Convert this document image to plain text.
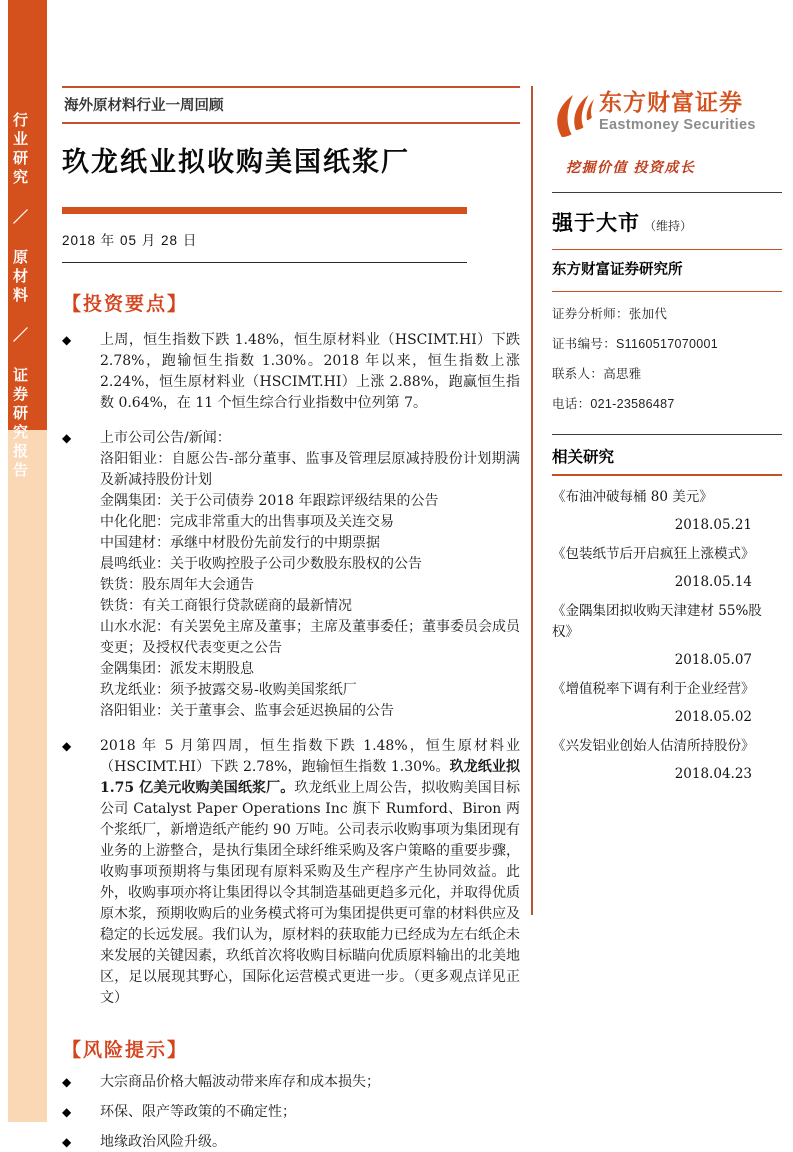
行业研究 ／ 原材料 ／ 证券研究报告
海外原材料行业一周回顾
玖龙纸业拟收购美国纸浆厂
2018 年 05 月 28 日
【投资要点】
◆	上周，恒生指数下跌 1.48%，恒生原材料业（HSCIMT.HI）下跌 2.78%，跑输恒生指数 1.30%。2018 年以来，恒生指数上涨 2.24%，恒生原材料业（HSCIMT.HI）上涨 2.88%，跑赢恒生指数 0.64%，在 11 个恒生综合行业指数中位列第 7。
◆	上市公司公告/新闻：
洛阳钼业：自愿公告-部分董事、监事及管理层原减持股份计划期满及新减持股份计划
金隅集团：关于公司债券 2018 年跟踪评级结果的公告
中化化肥：完成非常重大的出售事项及关连交易
中国建材：承继中材股份先前发行的中期票据
晨鸣纸业：关于收购控股子公司少数股东股权的公告
铁货：股东周年大会通告
铁货：有关工商银行贷款磋商的最新情况
山水水泥：有关罢免主席及董事；主席及董事委任；董事委员会成员变更；及授权代表变更之公告
金隅集团：派发末期股息
玖龙纸业：须予披露交易-收购美国浆纸厂
洛阳钼业：关于董事会、监事会延迟换届的公告
◆	2018 年 5 月第四周，恒生指数下跌 1.48%，恒生原材料业（HSCIMT.HI）下跌 2.78%，跑输恒生指数 1.30%。玖龙纸业拟 1.75 亿美元收购美国纸浆厂。玖龙纸业上周公告，拟收购美国目标公司 Catalyst Paper Operations Inc 旗下 Rumford、Biron 两个浆纸厂，新增造纸产能约 90 万吨。公司表示收购事项为集团现有业务的上游整合，是执行集团全球纤维采购及客户策略的重要步骤，收购事项预期将与集团现有原料采购及生产程序产生协同效益。此外，收购事项亦将让集团得以令其制造基础更趋多元化，并取得优质原木浆，预期收购后的业务模式将可为集团提供更可靠的材料供应及稳定的长远发展。我们认为，原材料的获取能力已经成为左右纸企未来发展的关键因素，玖纸首次将收购目标瞄向优质原料输出的北美地区，足以展现其野心，国际化运营模式更进一步。（更多观点详见正文）
【风险提示】
◆	大宗商品价格大幅波动带来库存和成本损失；
◆	环保、限产等政策的不确定性；
◆	地缘政治风险升级。
东方财富证券
Eastmoney Securities
挖掘价值 投资成长
强于大市 （维持）
东方财富证券研究所

证券分析师：张加代

证书编号：S1160517070001

联系人：高思雅

电话：021-23586487

相关研究
《布油冲破每桶 80 美元》
2018.05.21
《包装纸节后开启疯狂上涨模式》
2018.05.14
《金隅集团拟收购天津建材 55%股权》
2018.05.07
《增值税率下调有利于企业经营》
2018.05.02
《兴发铝业创始人估清所持股份》
2018.04.23
